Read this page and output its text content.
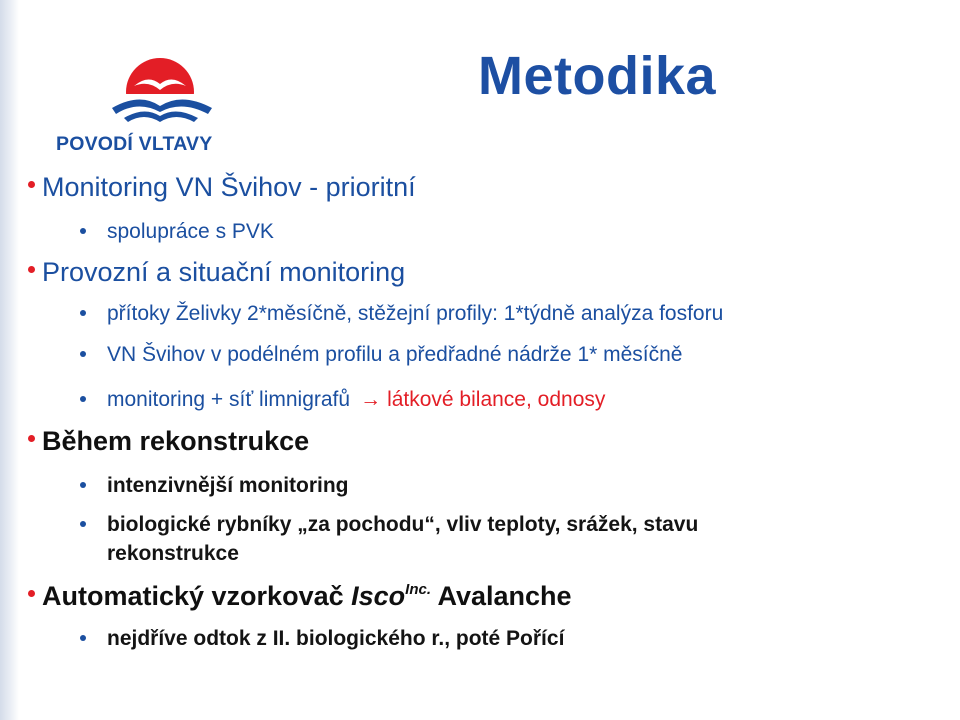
POVODÍ VLTAVY
Metodika
Monitoring VN Švihov - prioritní
spolupráce s PVK
Provozní a situační monitoring
přítoky Želivky 2*měsíčně, stěžejní profily: 1*týdně analýza fosforu
VN Švihov v podélném profilu a předřadné nádrže 1* měsíčně
monitoring + síť limnigrafů → látkové bilance, odnosy
Během rekonstrukce
intenzivnější monitoring
biologické rybníky „za pochodu“, vliv teploty, srážek, stavu
rekonstrukce
Automatický vzorkovač Isco$^{Inc.}$ Avalanche
nejdříve odtok z II. biologického r., poté Pořící
